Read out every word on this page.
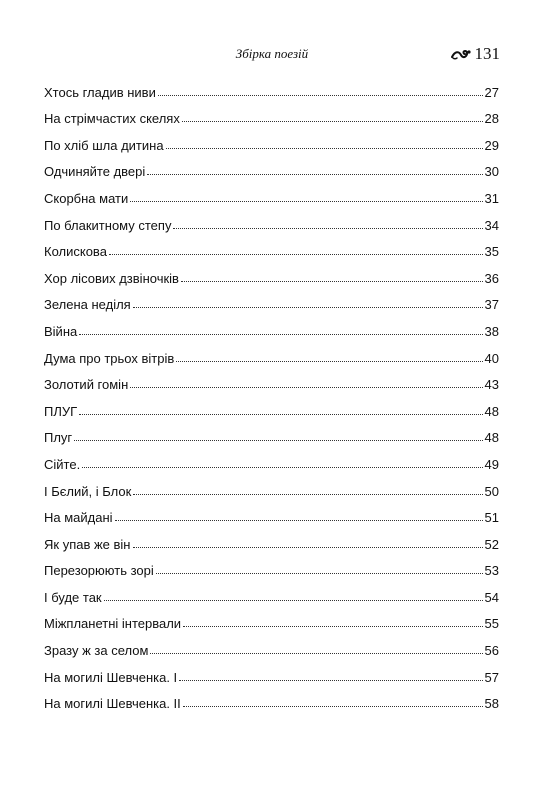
Збірка поезій	131
Хтось гладив ниви	27
На стрімчастих скелях	28
По хліб шла дитина	29
Одчиняйте двері	30
Скорбна мати	31
По блакитному степу	34
Колискова	35
Хор лісових дзвіночків	36
Зелена неділя	37
Війна	38
Дума про трьох вітрів	40
Золотий гомін	43
ПЛУГ	48
Плуг	48
Сійте.	49
І Бєлий, і Блок	50
На майдані	51
Як упав же він	52
Перезорюють зорі	53
І буде так	54
Міжпланетні інтервали	55
Зразу ж за селом	56
На могилі Шевченка. І	57
На могилі Шевченка. ІІ	58
